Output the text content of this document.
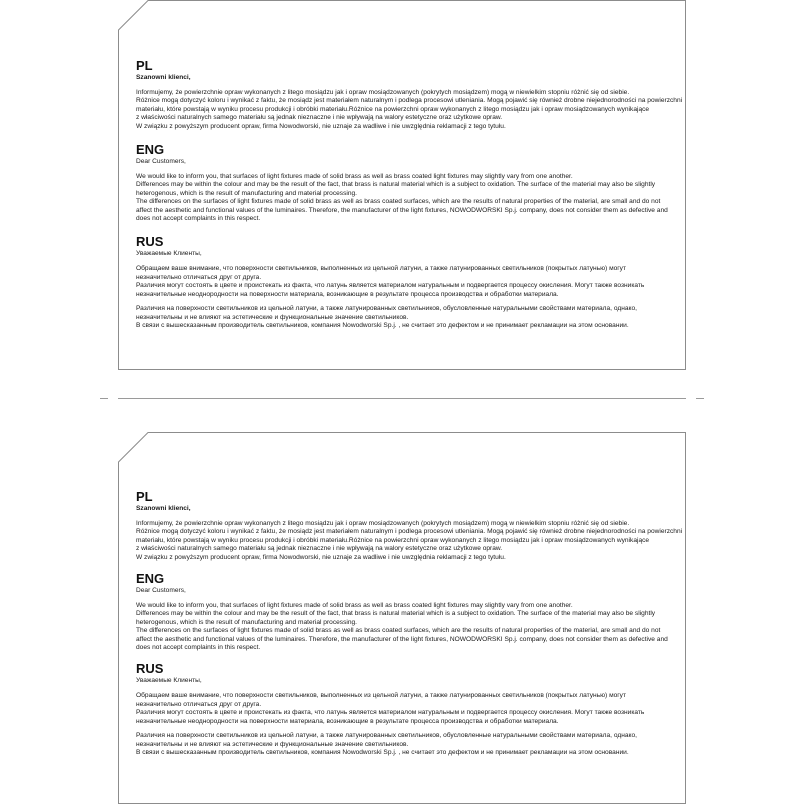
PL

Szanowni klienci,

Informujemy, że powierzchnie opraw wykonanych z litego mosiądzu jak i opraw mosiądzowanych (pokrytych mosiądzem) mogą w niewielkim stopniu różnić się od siebie.

Różnice mogą dotyczyć koloru i wynikać z faktu, że mosiądz jest materiałem naturalnym i podlega procesowi utleniania. Mogą pojawić się również drobne niejednorodności na powierzchni

materiału, które powstają w wyniku procesu produkcji i obróbki materiału.Różnice na powierzchni opraw wykonanych z litego mosiądzu jak i opraw mosiądzowanych wynikające

z właściwości naturalnych samego materiału są jednak nieznaczne i nie wpływają na walory estetyczne oraz użytkowe opraw.

W związku z powyższym producent opraw, firma Nowodworski, nie uznaje za wadliwe i nie uwzględnia reklamacji z tego tytułu.

ENG

Dear Customers,

We would like to inform you, that surfaces of light fixtures made of solid brass as well as brass coated light fixtures may slightly vary from one another.

Differences may be within the colour and may be the result of the fact, that brass is natural material which is a subject to oxidation. The surface of the material may also be slightly

heterogenous, which is the result of manufacturing and material processing.

The differences on the surfaces of light fixtures made of solid brass as well as brass coated surfaces, which are the results of natural properties of the material, are small and do not

affect the aesthetic and functional values of the luminaires. Therefore, the manufacturer of the light fixtures, NOWODWORSKI Sp.j. company, does not consider them as defective and

does not accept complaints in this respect.

RUS

Уважаемые Клиенты,

Обращаем ваше внимание, что поверхности светильников, выполненных из цельной латуни, а также латунированных светильников (покрытых латунью) могут

незначительно отличаться друг от друга.

Различия могут состоять в цвете и проистекать из факта, что латунь является материалом натуральным и подвергается процессу окисления. Могут также возникать

незначительные неоднородности на поверхности материала, возникающие в результате процесса производства и обработки материала.

Различия на поверхности светильников из цельной латуни, а также латунированных светильников, обусловленные натуральными свойствами материала, однако,

незначительны и не влияют на эстетические и функциональные значение светильников.

В связи с вышесказанным производитель светильников, компания Nowodworski Sp.j. , не считает это дефектом и не принимает рекламации на этом основании.

PL

Szanowni klienci,

Informujemy, że powierzchnie opraw wykonanych z litego mosiądzu jak i opraw mosiądzowanych (pokrytych mosiądzem) mogą w niewielkim stopniu różnić się od siebie.

Różnice mogą dotyczyć koloru i wynikać z faktu, że mosiądz jest materiałem naturalnym i podlega procesowi utleniania. Mogą pojawić się również drobne niejednorodności na powierzchni

materiału, które powstają w wyniku procesu produkcji i obróbki materiału.Różnice na powierzchni opraw wykonanych z litego mosiądzu jak i opraw mosiądzowanych wynikające

z właściwości naturalnych samego materiału są jednak nieznaczne i nie wpływają na walory estetyczne oraz użytkowe opraw.

W związku z powyższym producent opraw, firma Nowodworski, nie uznaje za wadliwe i nie uwzględnia reklamacji z tego tytułu.

ENG

Dear Customers,

We would like to inform you, that surfaces of light fixtures made of solid brass as well as brass coated light fixtures may slightly vary from one another.

Differences may be within the colour and may be the result of the fact, that brass is natural material which is a subject to oxidation. The surface of the material may also be slightly

heterogenous, which is the result of manufacturing and material processing.

The differences on the surfaces of light fixtures made of solid brass as well as brass coated surfaces, which are the results of natural properties of the material, are small and do not

affect the aesthetic and functional values of the luminaires. Therefore, the manufacturer of the light fixtures, NOWODWORSKI Sp.j. company, does not consider them as defective and

does not accept complaints in this respect.

RUS

Уважаемые Клиенты,

Обращаем ваше внимание, что поверхности светильников, выполненных из цельной латуни, а также латунированных светильников (покрытых латунью) могут

незначительно отличаться друг от друга.

Различия могут состоять в цвете и проистекать из факта, что латунь является материалом натуральным и подвергается процессу окисления. Могут также возникать

незначительные неоднородности на поверхности материала, возникающие в результате процесса производства и обработки материала.

Различия на поверхности светильников из цельной латуни, а также латунированных светильников, обусловленные натуральными свойствами материала, однако,

незначительны и не влияют на эстетические и функциональные значение светильников.

В связи с вышесказанным производитель светильников, компания Nowodworski Sp.j. , не считает это дефектом и не принимает рекламации на этом основании.
